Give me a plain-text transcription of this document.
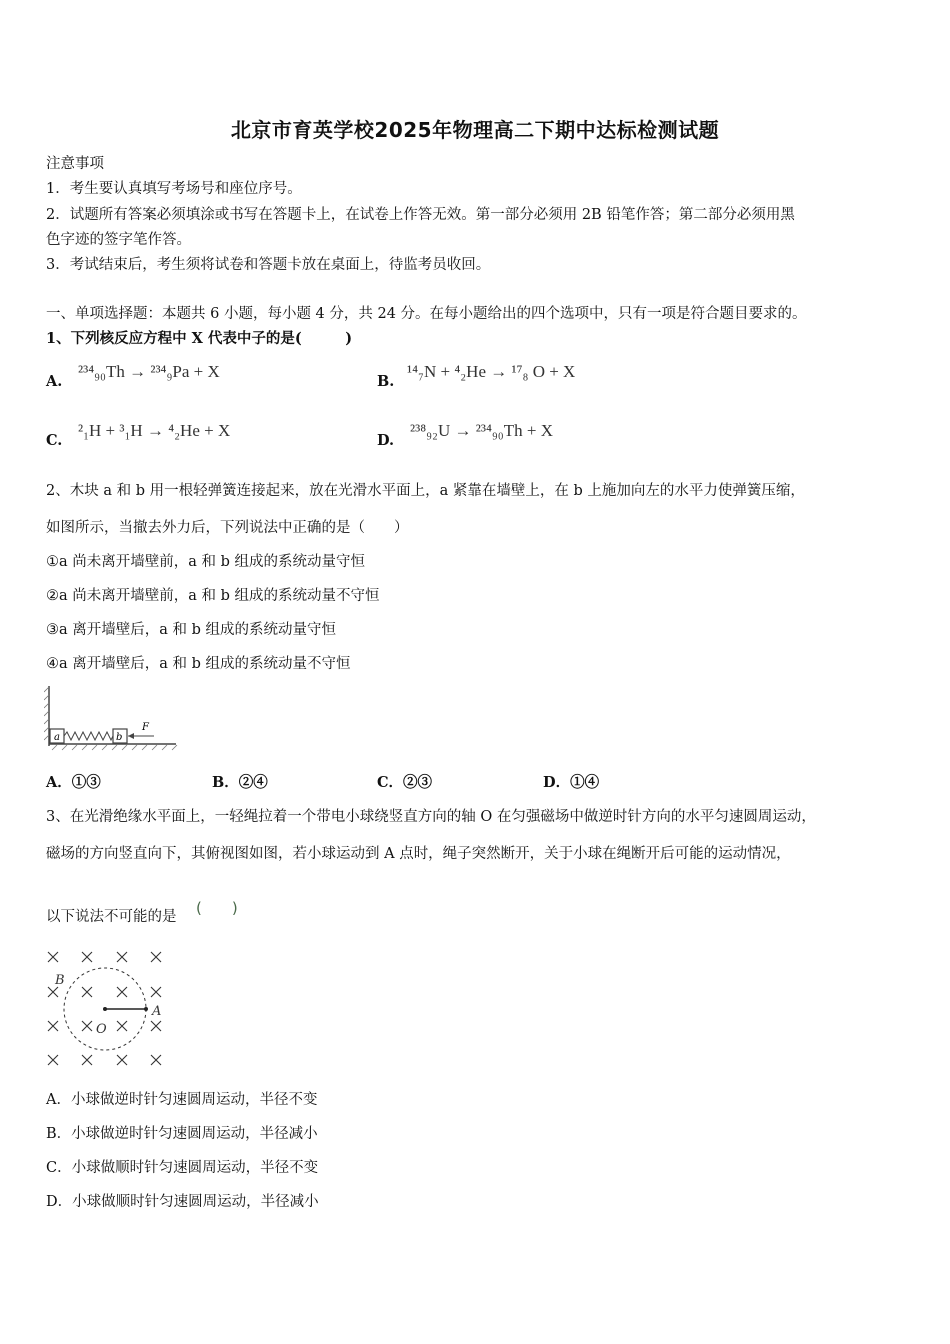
北京市育英学校2025年物理高二下期中达标检测试题
注意事项
1．考生要认真填写考场号和座位序号。
2．试题所有答案必须填涂或书写在答题卡上，在试卷上作答无效。第一部分必须用 2B 铅笔作答；第二部分必须用黑
色字迹的签字笔作答。
3．考试结束后，考生须将试卷和答题卡放在桌面上，待监考员收回。
一、单项选择题：本题共 6 小题，每小题 4 分，共 24 分。在每小题给出的四个选项中，只有一项是符合题目要求的。
1、下列核反应方程中 X 代表中子的是(　　　)
A.
²³⁴₉₀Th → ²³⁴₉Pa + X
B.
¹⁴₇N + ⁴₂He → ¹⁷₈ O + X
C.
²₁H + ³₁H → ⁴₂He + X
D.
²³⁸₉₂U → ²³⁴₉₀Th + X
2、木块 a 和 b 用一根轻弹簧连接起来，放在光滑水平面上，a 紧靠在墙壁上，在 b 上施加向左的水平力使弹簧压缩，
如图所示，当撤去外力后，下列说法中正确的是（　　）
①a 尚未离开墙壁前，a 和 b 组成的系统动量守恒
②a 尚未离开墙壁前，a 和 b 组成的系统动量不守恒
③a 离开墙壁后，a 和 b 组成的系统动量守恒
④a 离开墙壁后，a 和 b 组成的系统动量不守恒
a	b
F
A．①③	B．②④	C．②③	D．①④
3、在光滑绝缘水平面上，一轻绳拉着一个带电小球绕竖直方向的轴 O 在匀强磁场中做逆时针方向的水平匀速圆周运动，
磁场的方向竖直向下，其俯视图如图，若小球运动到 A 点时，绳子突然断开，关于小球在绳断开后可能的运动情况，
以下说法不可能的是 (　　)
B
A
O
A．小球做逆时针匀速圆周运动，半径不变
B．小球做逆时针匀速圆周运动，半径减小
C．小球做顺时针匀速圆周运动，半径不变
D．小球做顺时针匀速圆周运动，半径减小
